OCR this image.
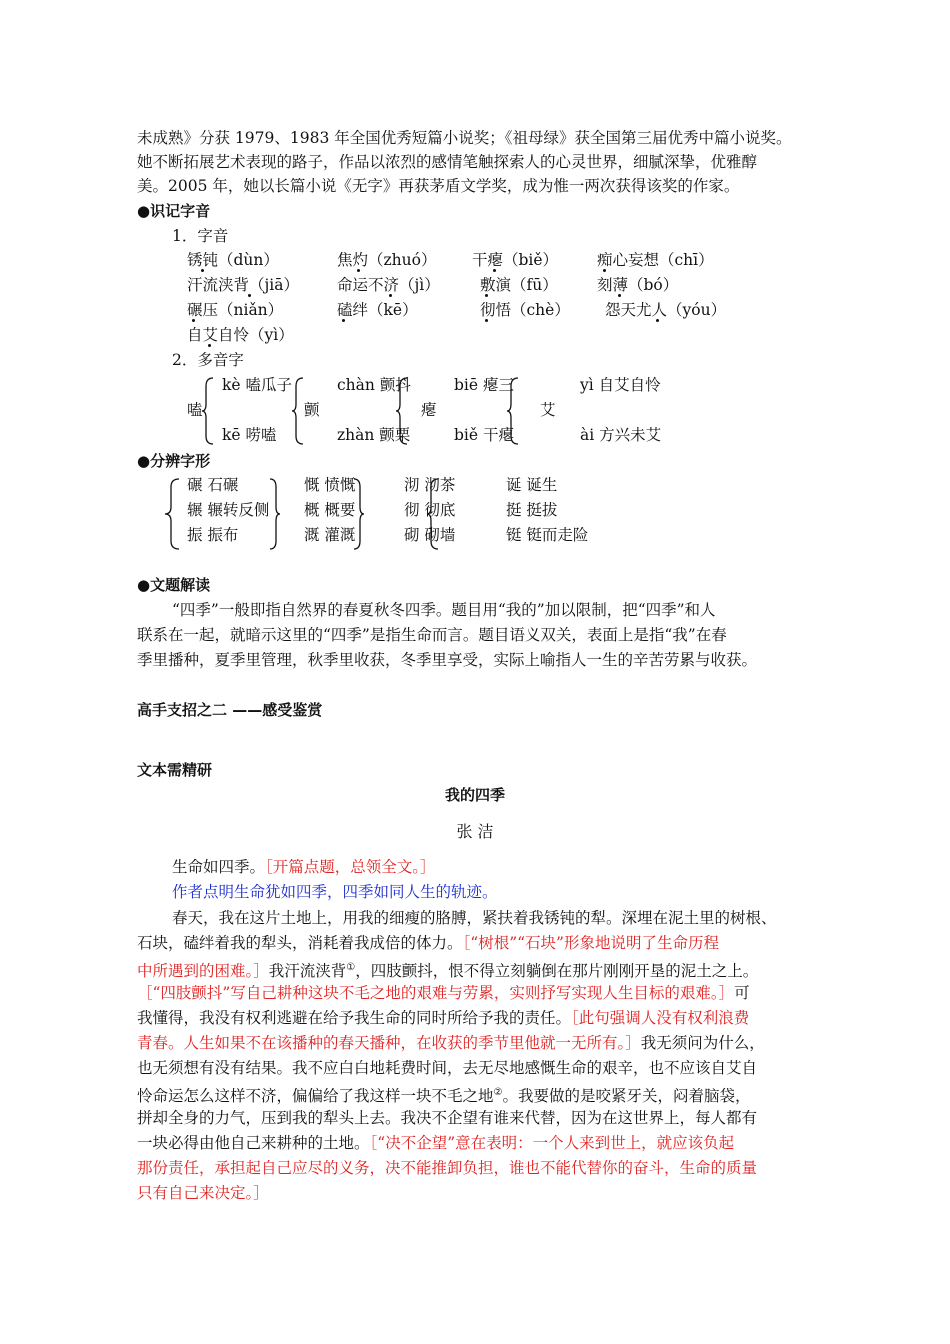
未成熟》分获 1979、1983 年全国优秀短篇小说奖；《祖母绿》获全国第三届优秀中篇小说奖。
她不断拓展艺术表现的路子，作品以浓烈的感情笔触探索人的心灵世界，细腻深挚，优雅醇
美。2005 年，她以长篇小说《无字》再获茅盾文学奖，成为惟一两次获得该奖的作家。
●识记字音
1．字音
锈钝（dùn）	焦灼（zhuó） 干瘪（biě）	痴心妄想（chī）
汗流浃背（jiā） 命运不济（jì）	敷演（fū）	刻薄（bó）
碾压（niǎn）	磕绊（kē）	彻悟（chè） 怨天尤人（yóu）
自艾自怜（yì）
2．多音字
嗑
kè 嗑瓜子
kē 唠嗑
颤
chàn 颤抖
zhàn 颤栗
瘪
biē 瘪三
biě 干瘪
艾
yì 自艾自怜
ài 方兴未艾
●分辨字形
碾 石碾
辗 辗转反侧
振 振布
慨 愤慨
概 概要
溉 灌溉
沏 沏茶
彻 彻底
砌 砌墙
诞 诞生
挺 挺拔
铤 铤而走险
●文题解读
“四季”一般即指自然界的春夏秋冬四季。题目用“我的”加以限制，把“四季”和人
联系在一起，就暗示这里的“四季”是指生命而言。题目语义双关，表面上是指“我”在春
季里播种，夏季里管理，秋季里收获，冬季里享受，实际上喻指人一生的辛苦劳累与收获。
高手支招之二 ——感受鉴赏
文本需精研
我的四季
张 洁
生命如四季。［开篇点题，总领全文。］
作者点明生命犹如四季，四季如同人生的轨迹。
春天，我在这片土地上，用我的细瘦的胳膊，紧扶着我锈钝的犁。深埋在泥土里的树根、
石块，磕绊着我的犁头，消耗着我成倍的体力。［“树根”“石块”形象地说明了生命历程
中所遇到的困难。］我汗流浃背①，四肢颤抖，恨不得立刻躺倒在那片刚刚开垦的泥土之上。
［“四肢颤抖”写自己耕种这块不毛之地的艰难与劳累，实则抒写实现人生目标的艰难。］可
我懂得，我没有权利逃避在给予我生命的同时所给予我的责任。［此句强调人没有权利浪费
青春。人生如果不在该播种的春天播种，在收获的季节里他就一无所有。］我无须问为什么，
也无须想有没有结果。我不应白白地耗费时间，去无尽地感慨生命的艰辛，也不应该自艾自
怜命运怎么这样不济，偏偏给了我这样一块不毛之地②。我要做的是咬紧牙关，闷着脑袋，
拼却全身的力气，压到我的犁头上去。我决不企望有谁来代替，因为在这世界上，每人都有
一块必得由他自己来耕种的土地。［“决不企望”意在表明：一个人来到世上，就应该负起
那份责任，承担起自己应尽的义务，决不能推卸负担，谁也不能代替你的奋斗，生命的质量
只有自己来决定。］
